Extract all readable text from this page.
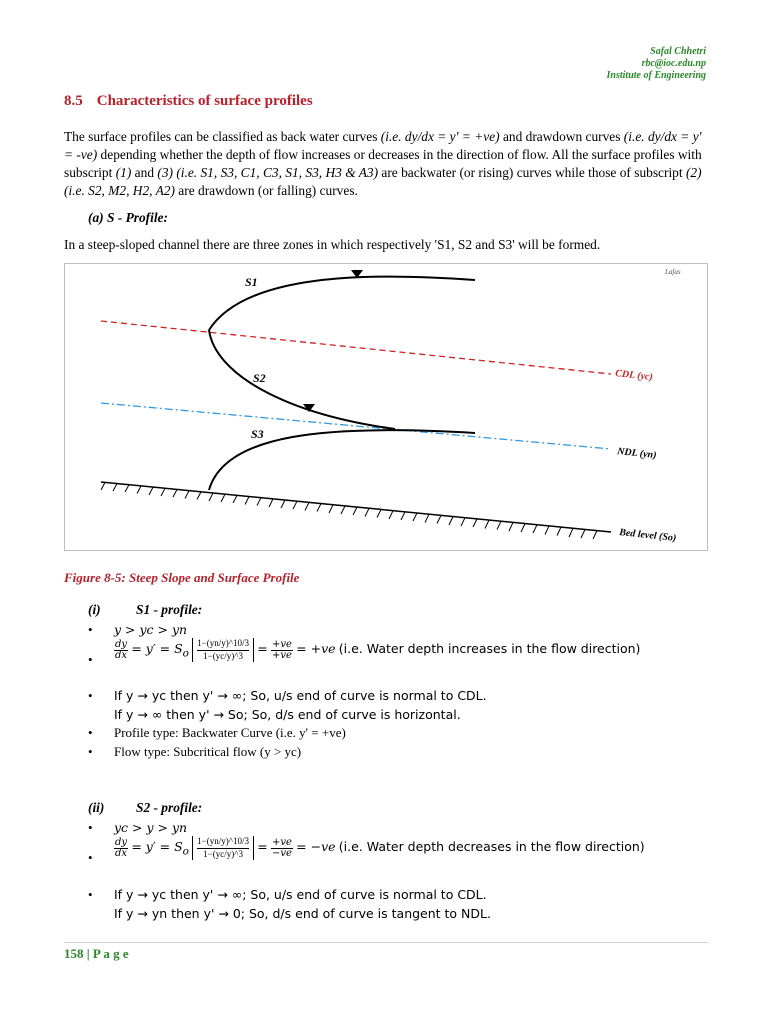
Safal Chhetri
rbc@ioc.edu.np
Institute of Engineering
8.5 Characteristics of surface profiles

The surface profiles can be classified as back water curves (i.e. dy/dx = y' = +ve) and drawdown curves (i.e. dy/dx = y' = -ve) depending whether the depth of flow increases or decreases in the direction of flow. All the surface profiles with subscript (1) and (3) (i.e. S1, S3, C1, C3, S1, S3, H3 & A3) are backwater (or rising) curves while those of subscript (2) (i.e. S2, M2, H2, A2) are drawdown (or falling) curves.

(a) S - Profile:

In a steep-sloped channel there are three zones in which respectively 'S1, S2 and S3' will be formed.

S1
S2
S3
CDL (yc)
NDL (yn)
Bed level (So)
Lafas
Figure 8-5: Steep Slope and Surface Profile
(i)	S1 - profile:
• y > yc > yn
• $\frac{dy}{dx} = y' = S_o \frac{1-(yn/y)\^{}10/3}{1-(yc/y)\^{}3} = \frac{+ve}{+ve} = +ve$ (i.e. Water depth increases in the flow direction)
• If y → yc then y' → ∞; So, u/s end of curve is normal to CDL.
If y → ∞ then y' → So; So, d/s end of curve is horizontal.
• Profile type: Backwater Curve (i.e. y' = +ve)
• Flow type: Subcritical flow (y > yc)
(ii) S2 - profile:
• yc > y > yn
• $\frac{dy}{dx} = y' = S_o \frac{1-(yn/y)\^{}10/3}{1-(yc/y)\^{}3} = \frac{+ve}{-ve} = -ve$ (i.e. Water depth decreases in the flow direction)
• If y → yc then y' → ∞; So, u/s end of curve is normal to CDL.
If y → yn then y' → 0; So, d/s end of curve is tangent to NDL.
158 | P a g e
